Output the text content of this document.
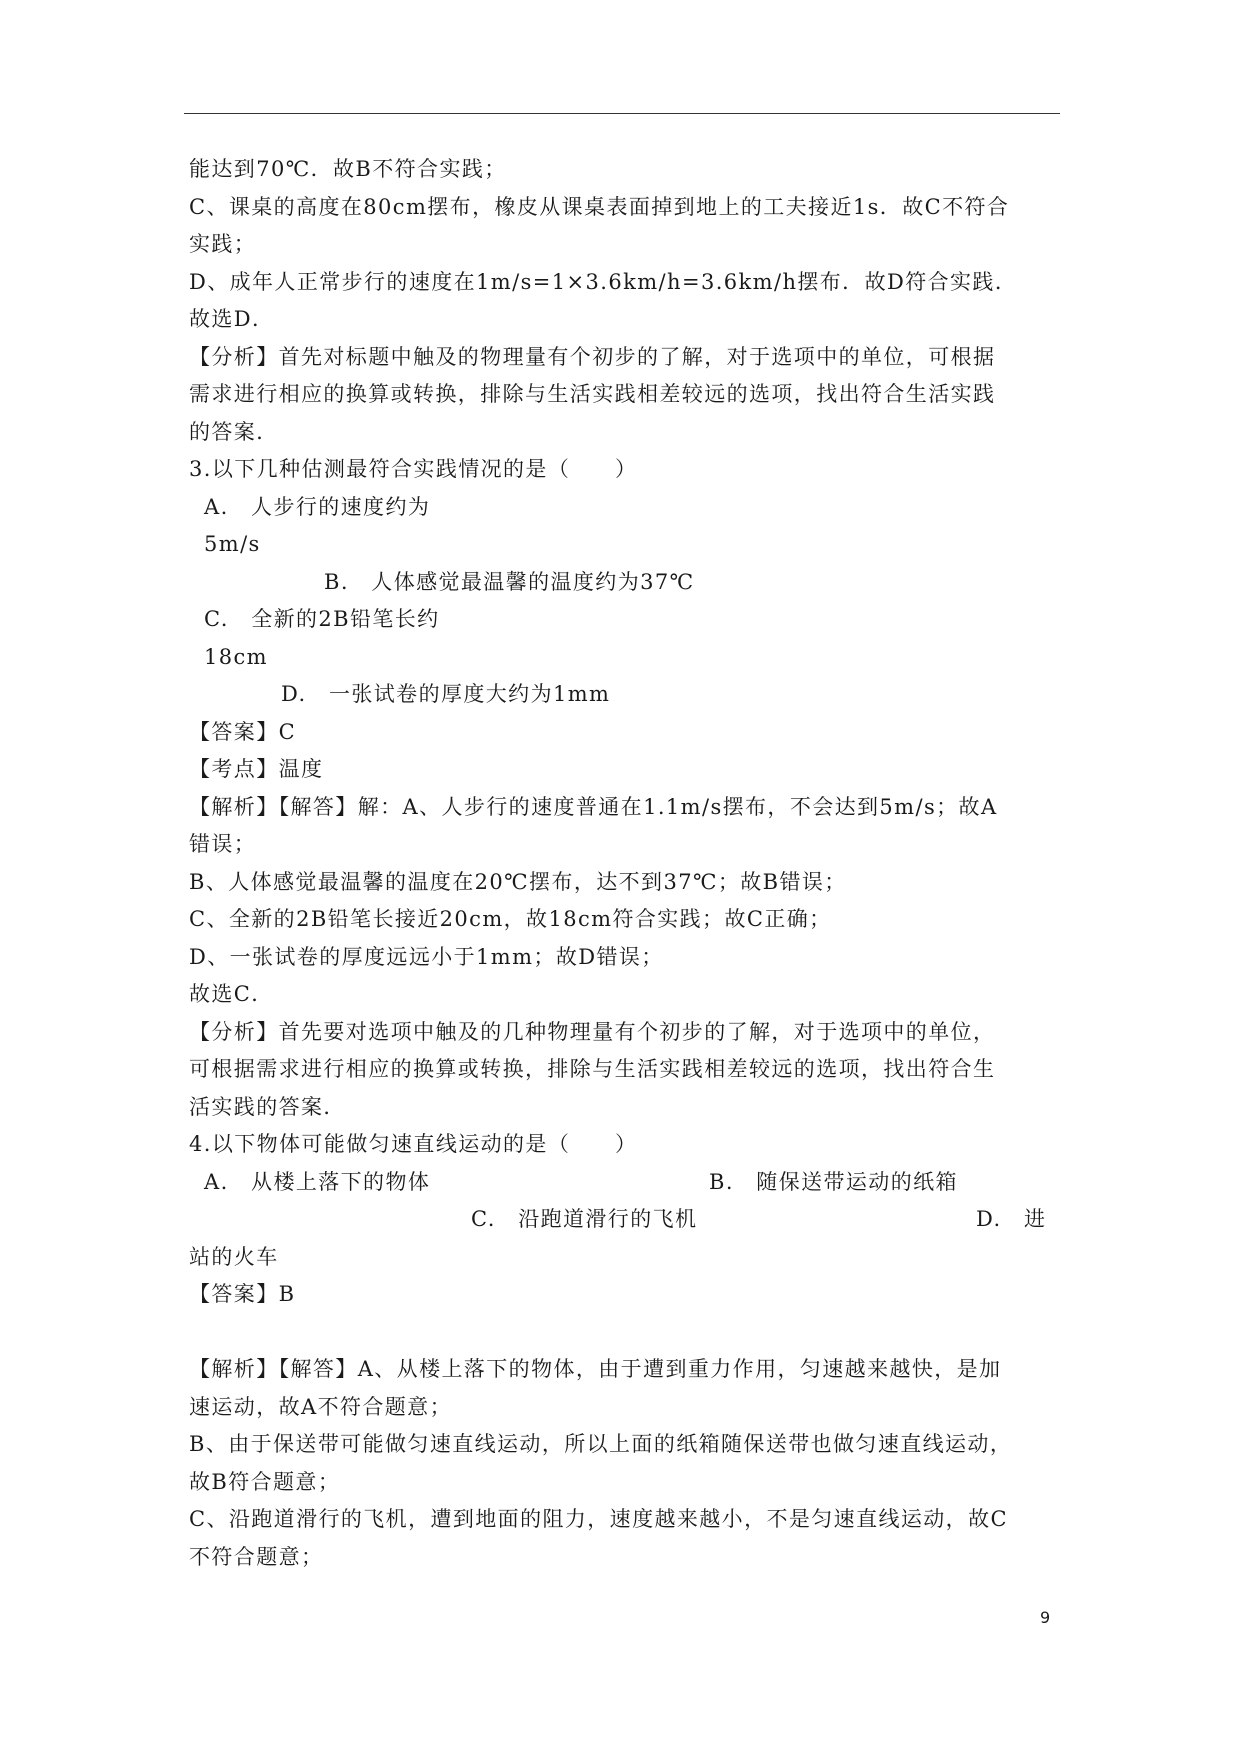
能达到70℃．故B不符合实践；
C、课桌的高度在80cm摆布，橡皮从课桌表面掉到地上的工夫接近1s．故C不符合
实践；
D、成年人正常步行的速度在1m/s=1×3.6km/h=3.6km/h摆布．故D符合实践．
故选D．
【分析】首先对标题中触及的物理量有个初步的了解，对于选项中的单位，可根据
需求进行相应的换算或转换，排除与生活实践相差较远的选项，找出符合生活实践
的答案．
3.以下几种估测最符合实践情况的是（　　）
A.　人步行的速度约为
5m/s
B.　人体感觉最温馨的温度约为37℃
C.　全新的2B铅笔长约
18cm
D.　一张试卷的厚度大约为1mm
【答案】C
【考点】温度
【解析】【解答】解：A、人步行的速度普通在1.1m/s摆布，不会达到5m/s；故A
错误；
B、人体感觉最温馨的温度在20℃摆布，达不到37℃；故B错误；
C、全新的2B铅笔长接近20cm，故18cm符合实践；故C正确；
D、一张试卷的厚度远远小于1mm；故D错误；
故选C．
【分析】首先要对选项中触及的几种物理量有个初步的了解，对于选项中的单位，
可根据需求进行相应的换算或转换，排除与生活实践相差较远的选项，找出符合生
活实践的答案．
4.以下物体可能做匀速直线运动的是（　　）
A.　从楼上落下的物体	B.　随保送带运动的纸箱
C.　沿跑道滑行的飞机	D.　进
站的火车
【答案】B
【解析】【解答】A、从楼上落下的物体，由于遭到重力作用，匀速越来越快，是加
速运动，故A不符合题意；
B、由于保送带可能做匀速直线运动，所以上面的纸箱随保送带也做匀速直线运动，
故B符合题意；
C、沿跑道滑行的飞机，遭到地面的阻力，速度越来越小，不是匀速直线运动，故C
不符合题意；
9
